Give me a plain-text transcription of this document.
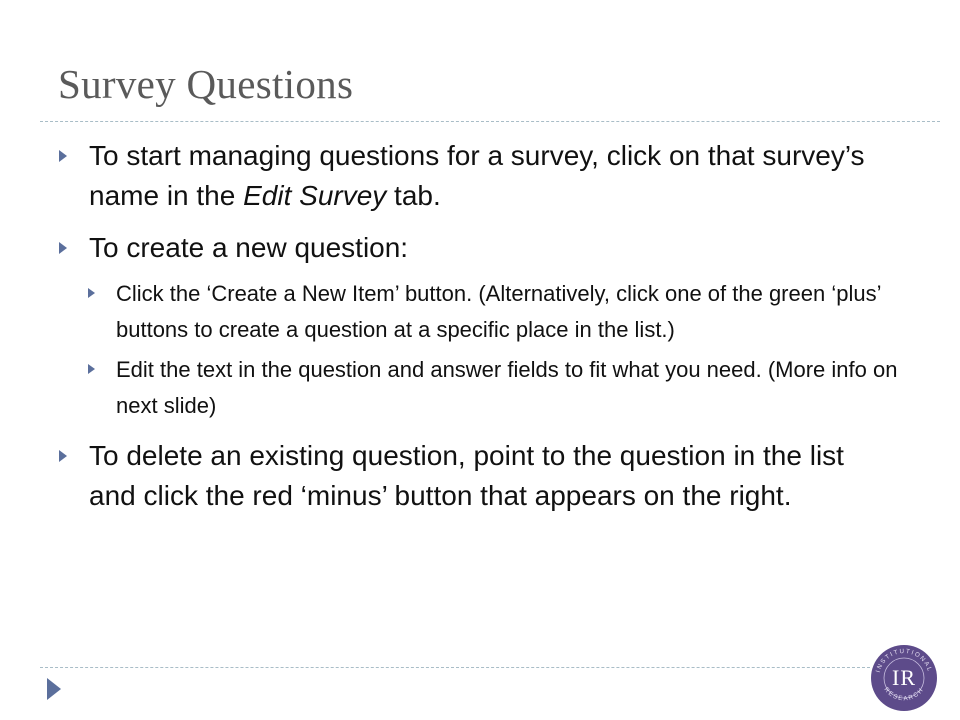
Survey Questions
To start managing questions for a survey, click on that survey’s name in the Edit Survey tab.
To create a new question:
Click the ‘Create a New Item’ button. (Alternatively, click one of the green ‘plus’ buttons to create a question at a specific place in the list.)
Edit the text in the question and answer fields to fit what you need. (More info on next slide)
To delete an existing question, point to the question in the list and click the red ‘minus’ button that appears on the right.
INSTITUTIONAL
RESEARCH
IR
